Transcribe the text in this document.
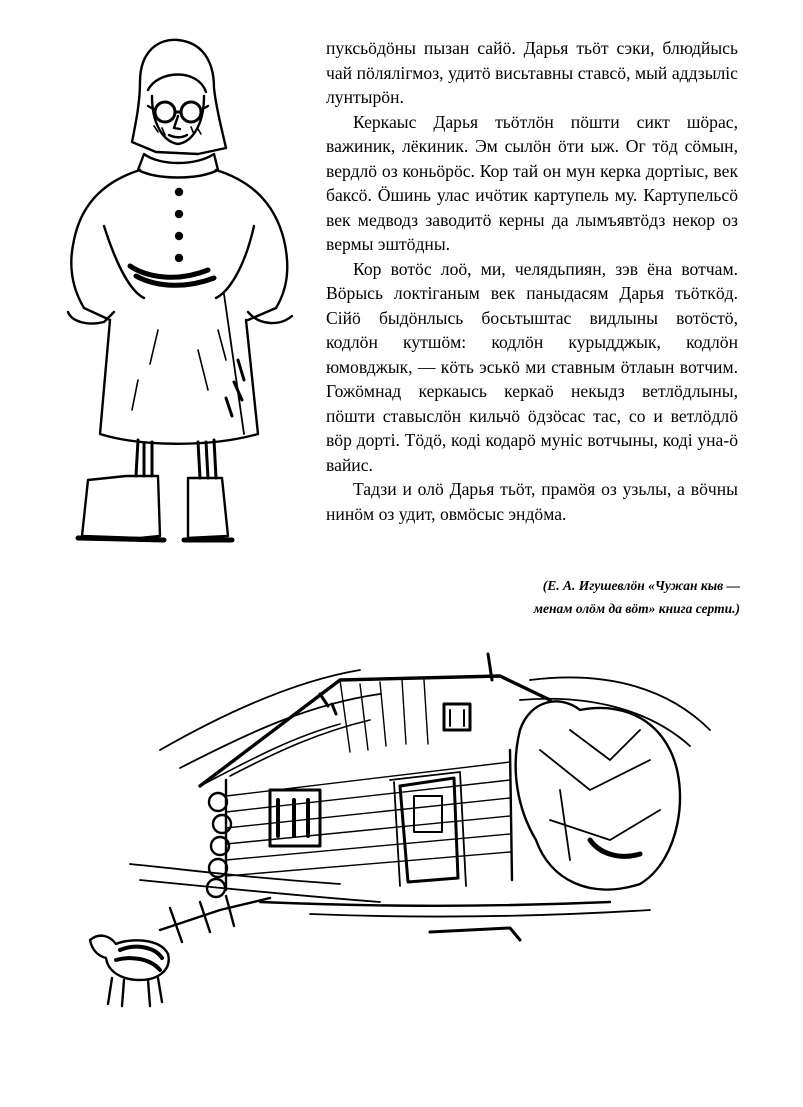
пуксьӧдӧны пызан сайӧ. Дарья тьӧт сэки, блюдйысь чай пӧлялігмоз, удитӧ висьтавны ставсӧ, мый аддзыліс лунтырӧн.

Керкаыс Дарья тьӧтлӧн пӧшти сикт шӧрас, важиник, лёкиник. Эм сылӧн ӧти ыж. Ог тӧд сӧмын, вердлӧ оз коньӧрӧс. Кор тай он мун керка дортіыс, век баксӧ. Ӧшинь улас ичӧтик картупель му. Картупельсӧ век медводз заводитӧ керны да лымъявтӧдз некор оз вермы эштӧдны.

Кор вотӧс лоӧ, ми, челядьпиян, зэв ёна вотчам. Вӧрысь локтiганым век паныдасям Дарья тьӧткӧд. Сiйӧ быдӧнлысь босьтыштас видлыны вотӧстӧ, кодлӧн кутшӧм: кодлӧн курыдджык, кодлӧн юмовджык, — кӧть эськӧ ми ставным ӧтлаын вотчим. Гожӧмнад керкаысь керкаӧ некыдз ветлӧдлыны, пӧшти ставыслӧн кильчӧ ӧдзӧсас тас, со и ветлӧдлӧ вӧр дортi. Тӧдӧ, кодi кодарӧ мунiс вотчыны, кодi уна-ӧ вайис.

Тадзи и олӧ Дарья тьӧт, прамӧя оз узьлы, а вӧчны нинӧм оз удит, овмӧсыс эндӧма.

(Е. А. Игушевлӧн «Чужан кыв —
менам олӧм да вӧт» книга серти.)
